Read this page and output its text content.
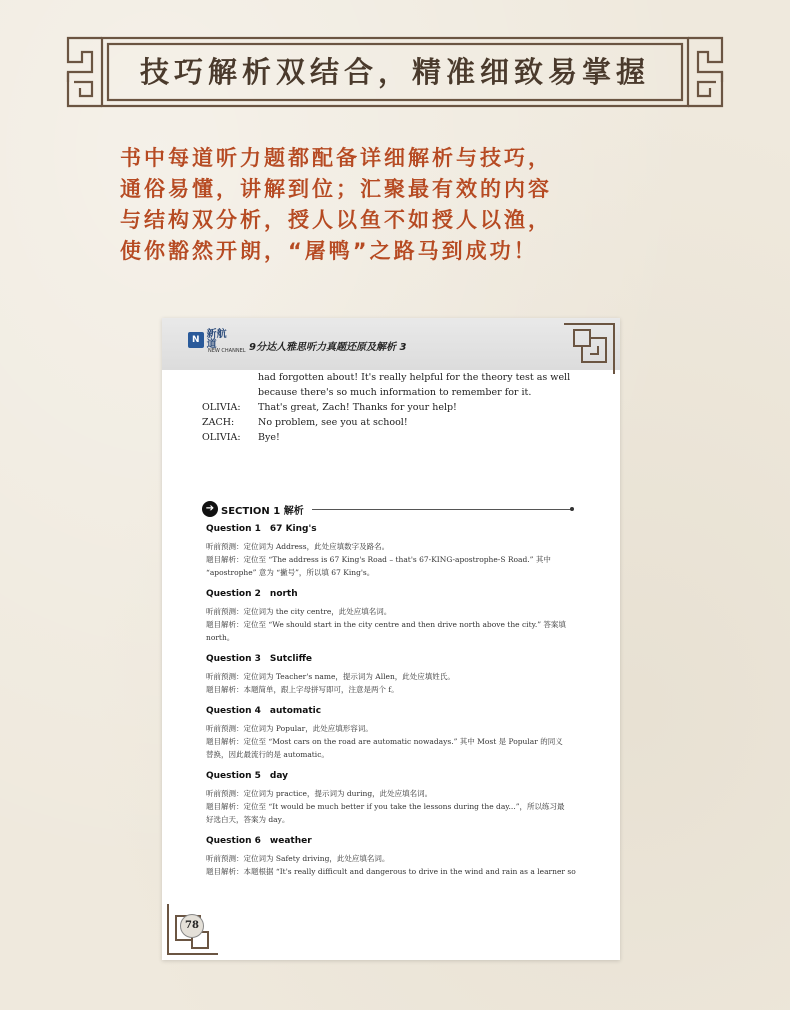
技巧解析双结合，精准细致易掌握
书中每道听力题都配备详细解析与技巧，
通俗易懂，讲解到位；汇聚最有效的内容
与结构双分析，授人以鱼不如授人以渔，
使你豁然开朗，“屠鸭”之路马到成功！
N 新航道
NEW CHANNEL 9分达人雅思听力真题还原及解析 3
had forgotten about! It's really helpful for the theory test as well
because there's so much information to remember for it.
OLIVIA:	That's great, Zach! Thanks for your help!
ZACH:	No problem, see you at school!
OLIVIA:	Bye!
➔ SECTION 1 解析
Question 1 67 King's
听前预测：定位词为 Address，此处应填数字及路名。
题目解析：定位至 “The address is 67 King's Road – that's 67-KING-apostrophe-S Road.” 其中
“apostrophe” 意为 “撇号”，所以填 67 King's。
Question 2 north
听前预测：定位词为 the city centre，此处应填名词。
题目解析：定位至 “We should start in the city centre and then drive north above the city.” 答案填
north。
Question 3 Sutcliffe
听前预测：定位词为 Teacher's name，提示词为 Allen，此处应填姓氏。
题目解析：本题简单，跟上字母拼写即可，注意是两个 f。
Question 4 automatic
听前预测：定位词为 Popular，此处应填形容词。
题目解析：定位至 “Most cars on the road are automatic nowadays.” 其中 Most 是 Popular 的同义
替换，因此最流行的是 automatic。
Question 5 day
听前预测：定位词为 practice，提示词为 during，此处应填名词。
题目解析：定位至 “It would be much better if you take the lessons during the day...”，所以练习最
好选白天，答案为 day。
Question 6 weather
听前预测：定位词为 Safety driving，此处应填名词。
题目解析：本题根据 “It's really difficult and dangerous to drive in the wind and rain as a learner so
78
